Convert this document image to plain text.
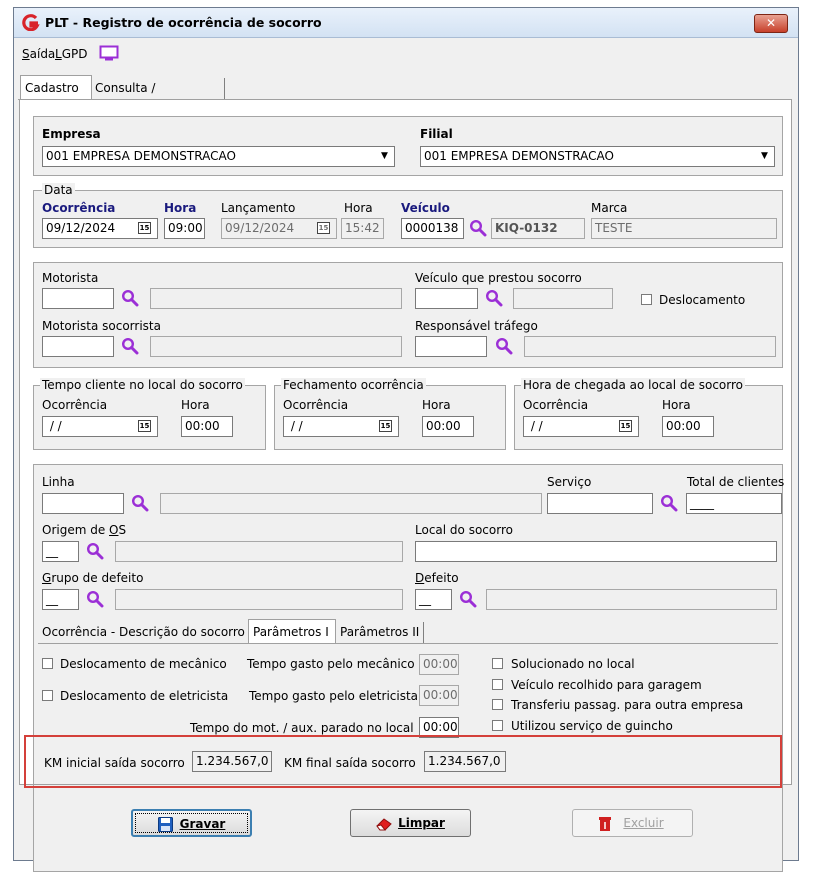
PLT - Registro de ocorrência de socorro	✕
Saída LGPD
Cadastro	Consulta /
Empresa
001 EMPRESA DEMONSTRACAO	▼
Filial
001 EMPRESA DEMONSTRACAO	▼
Data
Ocorrência
09/12/2024	15
Hora
09:00
Lançamento
09/12/2024	15
Hora
15:42
Veículo
0000138	KIQ-0132
Marca
TESTE
Motorista	Veículo que prestou socorro
Deslocamento
Motorista socorrista	Responsável tráfego
Tempo cliente no local do socorro
Ocorrência
/ /	15
Hora
00:00
Fechamento ocorrência
Ocorrência
/ /	15
Hora
00:00
Hora de chegada ao local de socorro
Ocorrência
/ /	15
Hora
00:00
Linha	Serviço	Total de clientes
____
Origem de OS
__
Local do socorro
Grupo de defeito
__
Defeito
__
Ocorrência - Descrição do socorro Parâmetros I Parâmetros II
Deslocamento de mecânico Tempo gasto pelo mecânico 00:00
Deslocamento de eletricista Tempo gasto pelo eletricista 00:00
Tempo do mot. / aux. parado no local 00:00
Solucionado no local
Veículo recolhido para garagem
Transferiu passag. para outra empresa
Utilizou serviço de guincho
KM inicial saída socorro 1.234.567,0 KM final saída socorro	1.234.567,0
Gravar	Limpar	Excluir
